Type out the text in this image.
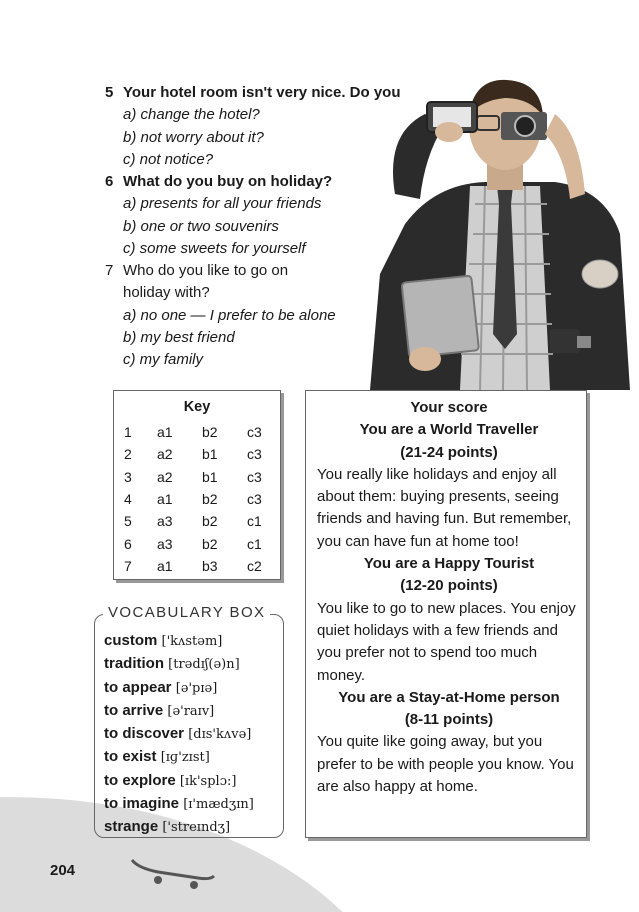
5 Your hotel room isn't very nice. Do you
a) change the hotel?
b) not worry about it?
c) not notice?
6 What do you buy on holiday?
a) presents for all your friends
b) one or two souvenirs
c) some sweets for yourself
7 Who do you like to go on
holiday with?
a) no one — I prefer to be alone
b) my best friend
c) my family
Key
1	a1	b2	c3
2	a2	b1	c3
3	a2	b1	c3
4	a1	b2	c3
5	a3	b2	c1
6	a3	b2	c1
7	a1	b3	c2
Your score
You are a World Traveller
(21-24 points)
You really like holidays and enjoy all about them: buying presents, seeing friends and having fun. But remember, you can have fun at home too!
You are a Happy Tourist
(12-20 points)
You like to go to new places. You enjoy quiet holidays with a few friends and you prefer not to spend too much money.
You are a Stay-at-Home person
(8-11 points)
You quite like going away, but you prefer to be with people you know. You are also happy at home.
VOCABULARY BOX
custom ['kʌstəm]
tradition [trədɪʃ(ə)n]
to appear [ə'pɪə]
to arrive [ə'raɪv]
to discover [dɪs'kʌvə]
to exist [ɪɡ'zɪst]
to explore [ɪk'splɔ:]
to imagine [ɪ'mædʒɪn]
strange ['streɪndʒ]
204
